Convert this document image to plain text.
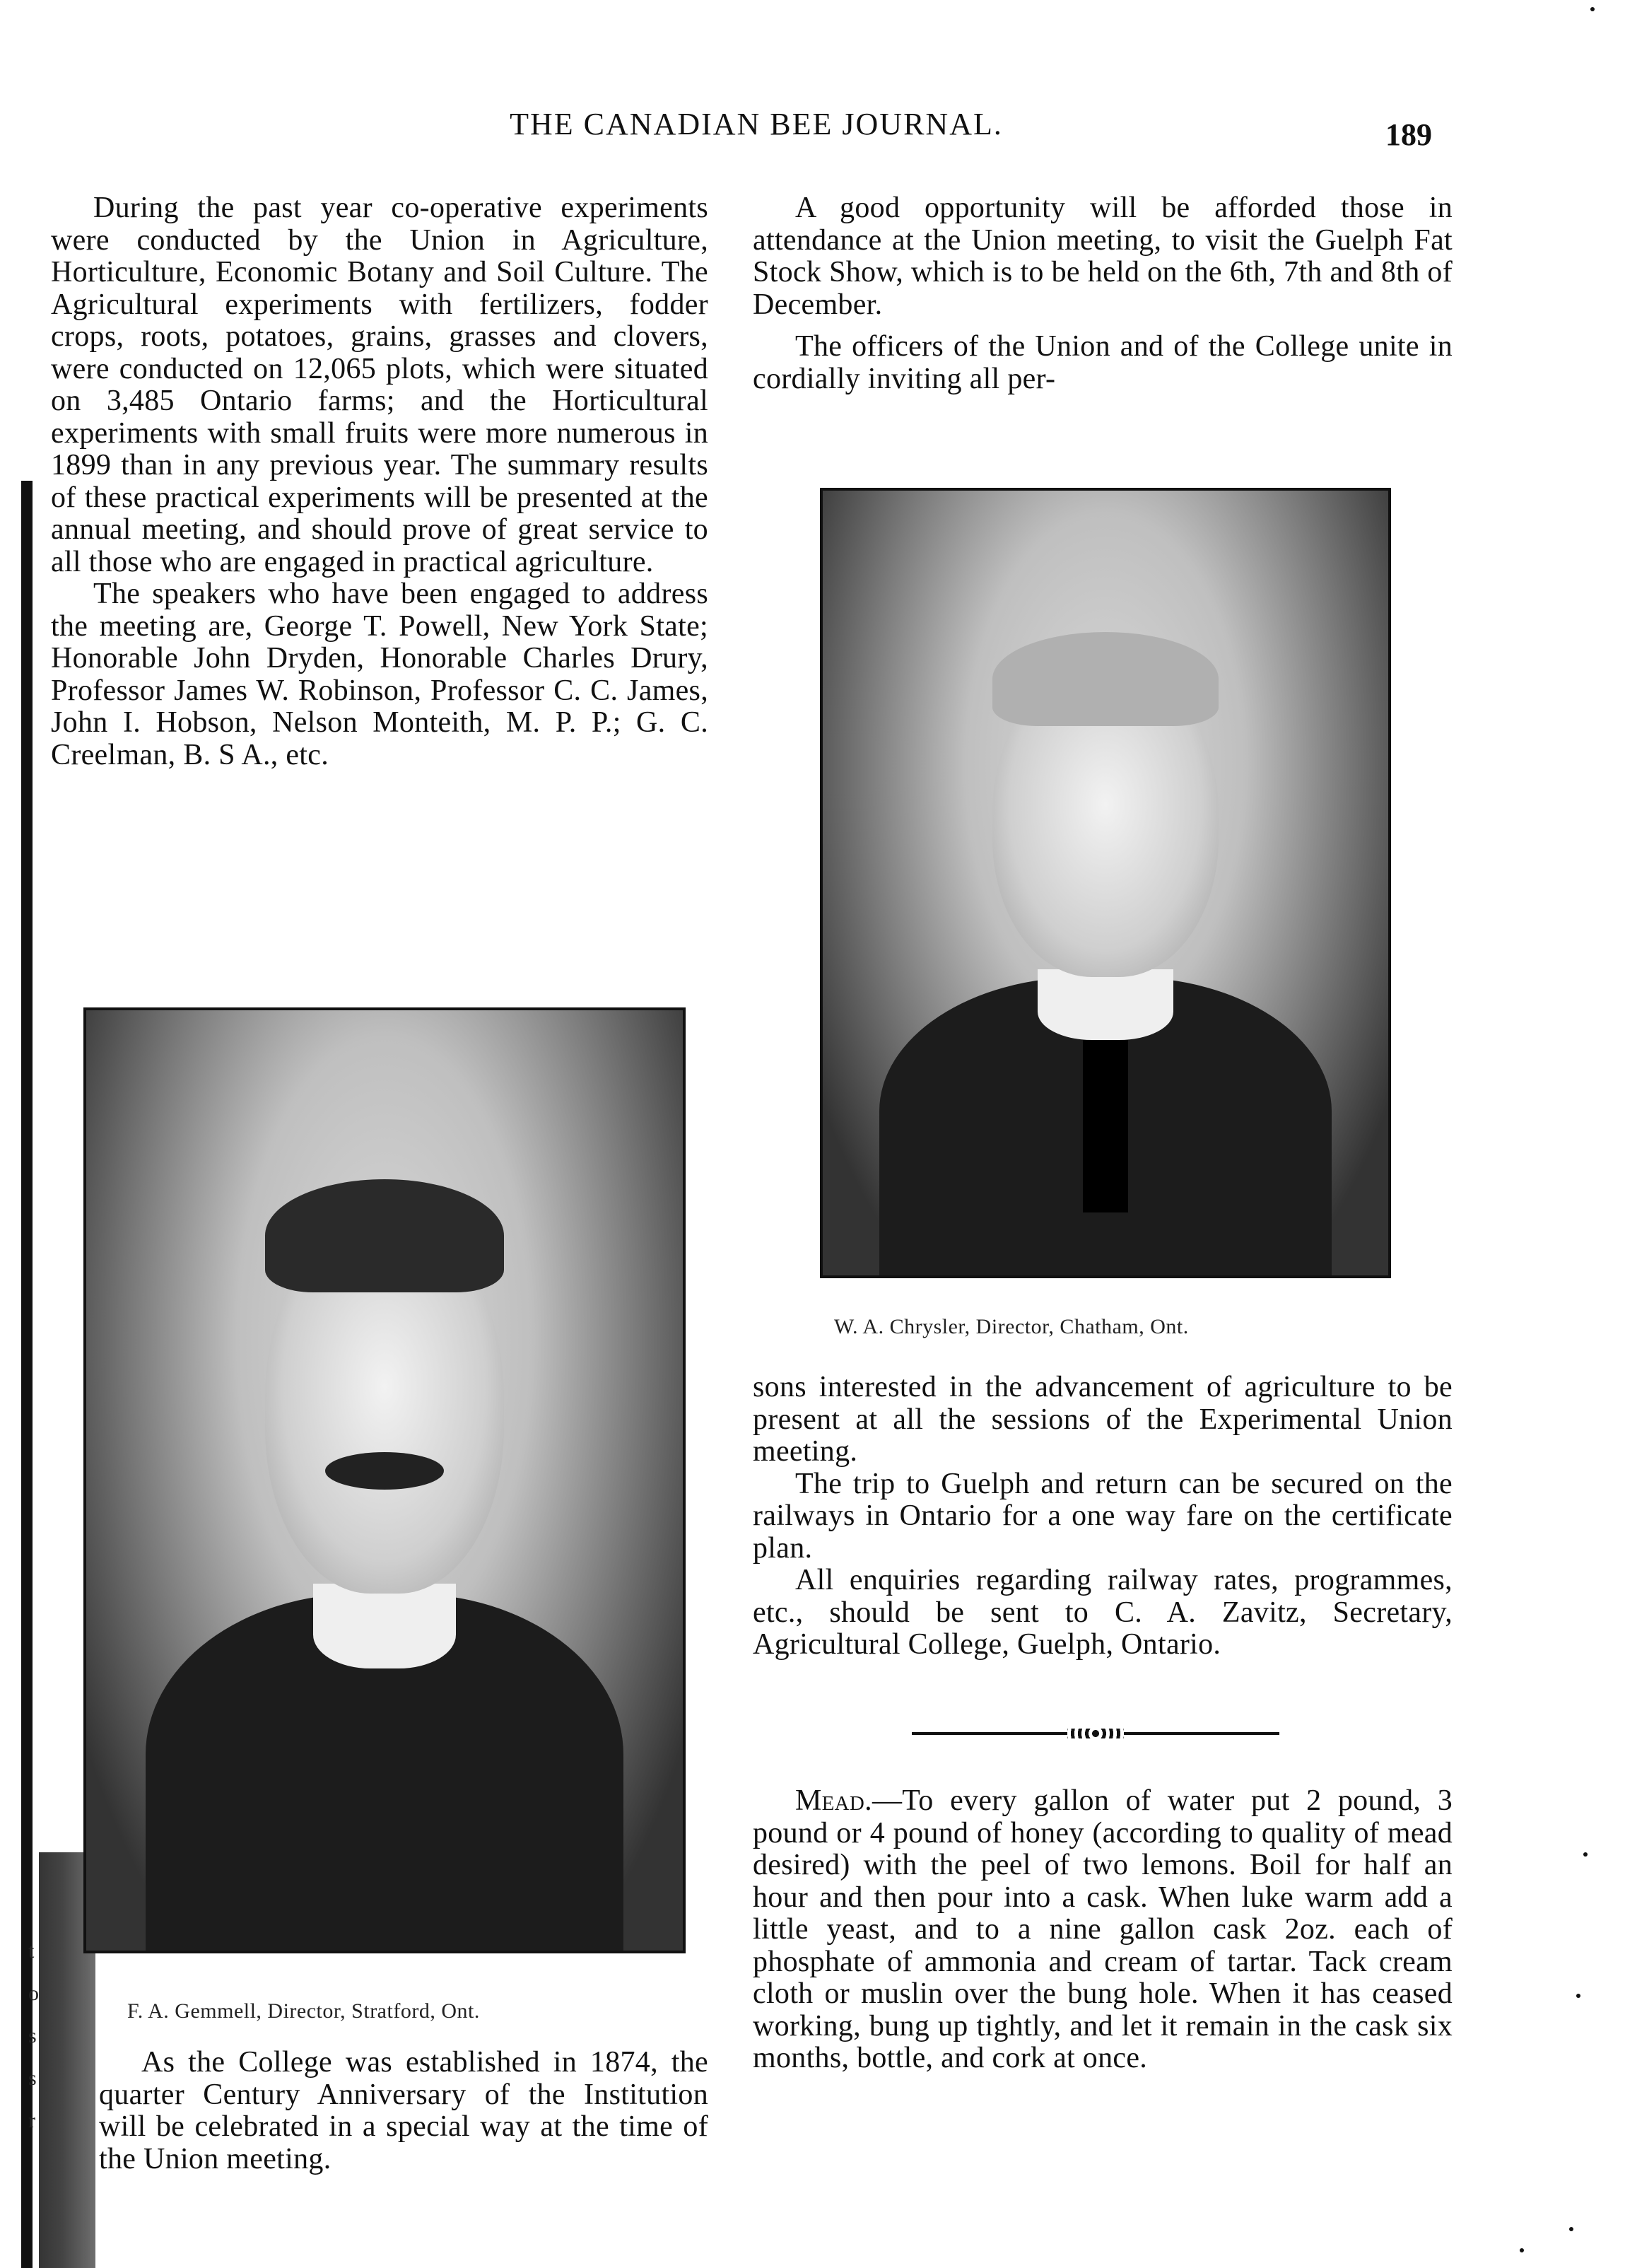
t
o
s
s
r
THE CANADIAN BEE JOURNAL.	189

During the past year co-operative experiments were conducted by the Union in Agriculture, Horticulture, Economic Botany and Soil Culture. The Agricultural experiments with fertilizers, fodder crops, roots, potatoes, grains, grasses and clovers, were conducted on 12,065 plots, which were situated on 3,485 Ontario farms; and the Horticultural experiments with small fruits were more numerous in 1899 than in any previous year. The summary results of these practical experiments will be presented at the annual meeting, and should prove of great service to all those who are engaged in practical agriculture.

The speakers who have been engaged to address the meeting are, George T. Powell, New York State; Honorable John Dryden, Honorable Charles Drury, Professor James W. Robinson, Professor C. C. James, John I. Hobson, Nelson Monteith, M. P. P.; G. C. Creelman, B. S A., etc.

F. A. Gemmell, Director, Stratford, Ont.

As the College was established in 1874, the quarter Century Anniversary of the Institution will be celebrated in a special way at the time of the Union meeting.

A good opportunity will be afforded those in attendance at the Union meeting, to visit the Guelph Fat Stock Show, which is to be held on the 6th, 7th and 8th of December.

The officers of the Union and of the College unite in cordially inviting all per-

W. A. Chrysler, Director, Chatham, Ont.

sons interested in the advancement of agriculture to be present at all the sessions of the Experimental Union meeting.

The trip to Guelph and return can be secured on the railways in Ontario for a one way fare on the certificate plan.

All enquiries regarding railway rates, programmes, etc., should be sent to C. A. Zavitz, Secretary, Agricultural College, Guelph, Ontario.

Mead.—To every gallon of water put 2 pound, 3 pound or 4 pound of honey (according to quality of mead desired) with the peel of two lemons. Boil for half an hour and then pour into a cask. When luke warm add a little yeast, and to a nine gallon cask 2oz. each of phosphate of ammonia and cream of tartar. Tack cream cloth or muslin over the bung hole. When it has ceased working, bung up tightly, and let it remain in the cask six months, bottle, and cork at once.
